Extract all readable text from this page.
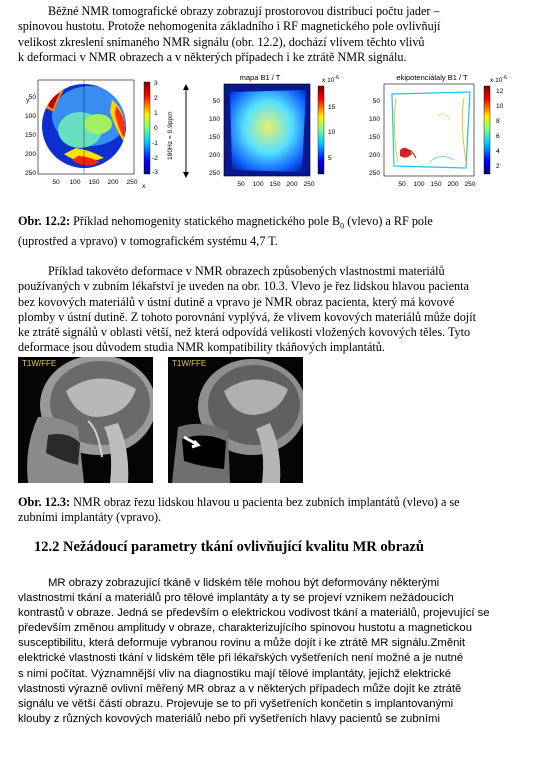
Běžné NMR tomografické obrazy zobrazují prostorovou distribuci počtu jader –
spinovou hustotu. Protože nehomogenita základního i RF magnetického pole ovlivňují
velikost zkreslení snímaného NMR signálu (obr. 12.2), dochází vlivem těchto vlivů
k deformaci v NMR obrazech a v některých případech i ke ztrátě NMR signálu.
y 50
100
150
200
250
50 100 150 200 250
x
3
2
1
0
-1
-2
-3
180Hz = 0.9ppm
mapa B1 / T
50
100
150
200
250
50 100 150 200 250
x $10^{-6}$
15
10
5
ekipotenciálaly B1 / T
50
100
150
200
250
50 100 150 200 250
x $10^{-6}$
12
10
8
6
4
2
Obr. 12.2: Příklad nehomogenity statického magnetického pole $B_0$ (vlevo) a RF pole
(uprostřed a vpravo) v tomografickém systému 4,7 T.
Příklad takovéto deformace v NMR obrazech způsobených vlastnostmi materiálů
používaných v zubním lékařství je uveden na obr. 10.3. Vlevo je řez lidskou hlavou pacienta
bez kovových materiálů v ústní dutině a vpravo je NMR obraz pacienta, který má kovové
plomby v ústní dutině. Z tohoto porovnání vyplývá, že vlivem kovových materiálů může dojít
ke ztrátě signálů v oblasti větší, než která odpovídá velikosti vložených kovových těles. Tyto
deformace jsou důvodem studia NMR kompatibility tkáňových implantátů.
T1W/FFE	T1W/FFE
Obr. 12.3: NMR obraz řezu lidskou hlavou u pacienta bez zubních implantátů (vlevo) a se
zubními implantáty (vpravo).
12.2 Nežádoucí parametry tkání ovlivňující kvalitu MR obrazů
MR obrazy zobrazující tkáně v lidském těle mohou být deformovány některými
vlastnostmi tkání a materiálů pro tělové implantáty a ty se projeví vznikem nežádoucích
kontrastů v obraze. Jedná se především o elektrickou vodivost tkání a materiálů, projevující se
především změnou amplitudy v obraze, charakterizujícího spinovou hustotu a magnetickou
susceptibilitu, která deformuje vybranou rovinu a může dojít i ke ztrátě MR signálu.Změnit
elektrické vlastnosti tkání v lidském těle při lékařských vyšetřeních není možné a je nutné
s nimi počítat. Významnější vliv na diagnostiku mají tělové implantáty, jejichž elektrické
vlastnosti výrazně ovlivní měřený MR obraz a v některých případech může dojít ke ztrátě
signálu ve větší části obrazu. Projevuje se to při vyšetřeních končetin s implantovanými
klouby z různých kovových materiálů nebo při vyšetřeních hlavy pacientů se zubními
